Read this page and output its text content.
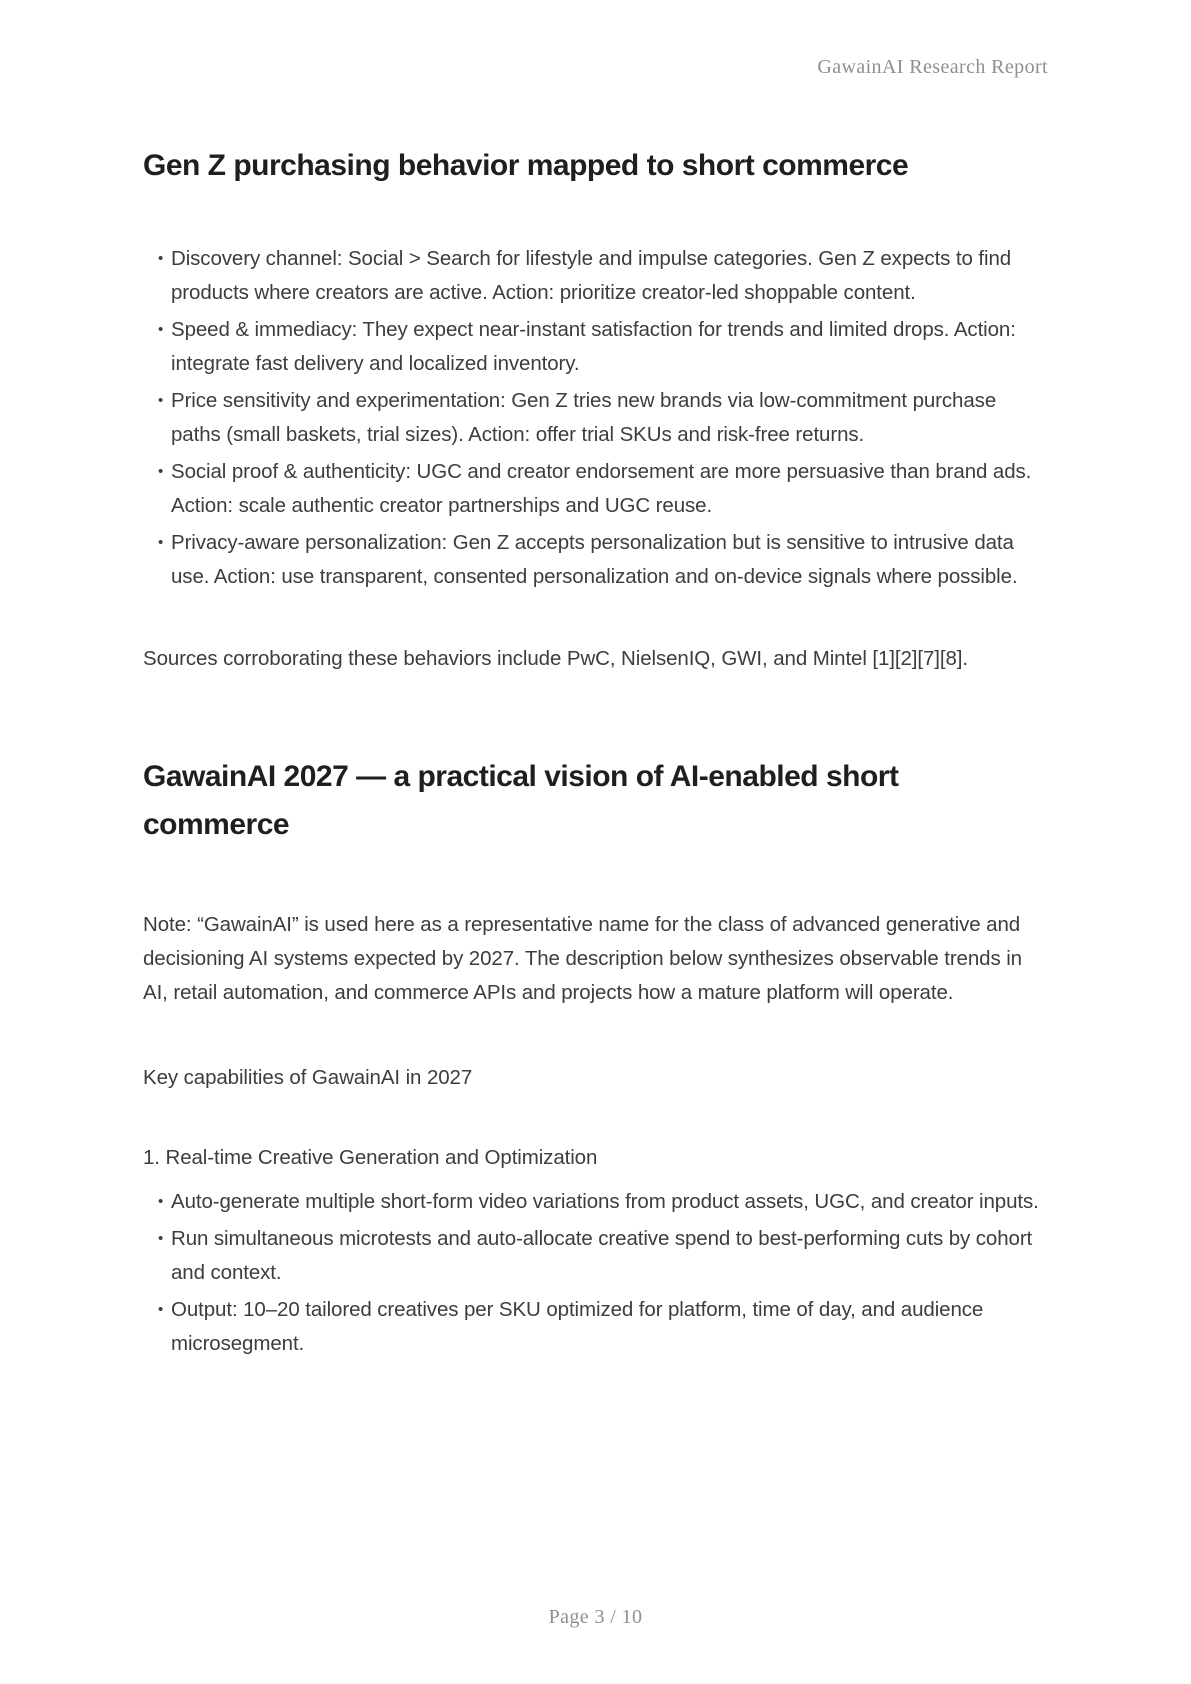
GawainAI Research Report
Gen Z purchasing behavior mapped to short commerce
• Discovery channel: Social > Search for lifestyle and impulse categories. Gen Z expects to find products where creators are active. Action: prioritize creator-led shoppable content.
• Speed & immediacy: They expect near-instant satisfaction for trends and limited drops. Action: integrate fast delivery and localized inventory.
• Price sensitivity and experimentation: Gen Z tries new brands via low-commitment purchase paths (small baskets, trial sizes). Action: offer trial SKUs and risk-free returns.
• Social proof & authenticity: UGC and creator endorsement are more persuasive than brand ads. Action: scale authentic creator partnerships and UGC reuse.
• Privacy-aware personalization: Gen Z accepts personalization but is sensitive to intrusive data use. Action: use transparent, consented personalization and on-device signals where possible.

Sources corroborating these behaviors include PwC, NielsenIQ, GWI, and Mintel [1][2][7][8].

GawainAI 2027 — a practical vision of AI-enabled short commerce

Note: “GawainAI” is used here as a representative name for the class of advanced generative and decisioning AI systems expected by 2027. The description below synthesizes observable trends in AI, retail automation, and commerce APIs and projects how a mature platform will operate.

Key capabilities of GawainAI in 2027

1. Real-time Creative Generation and Optimization

• Auto-generate multiple short-form video variations from product assets, UGC, and creator inputs.
• Run simultaneous microtests and auto-allocate creative spend to best-performing cuts by cohort and context.
• Output: 10–20 tailored creatives per SKU optimized for platform, time of day, and audience microsegment.
Page 3 / 10
